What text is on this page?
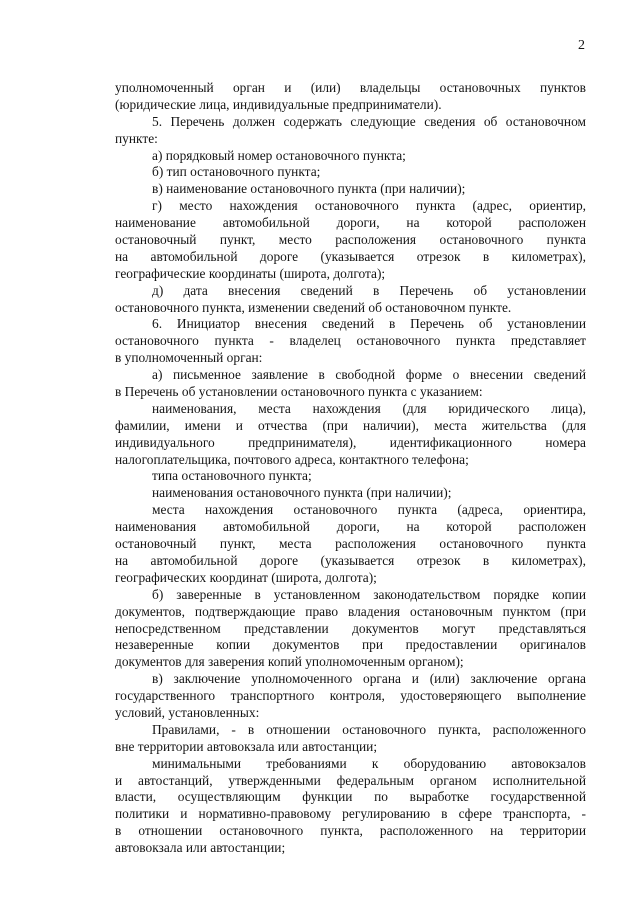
2
уполномоченный орган и (или) владельцы остановочных пунктов
(юридические лица, индивидуальные предприниматели).
5. Перечень должен содержать следующие сведения об остановочном
пункте:
а) порядковый номер остановочного пункта;
б) тип остановочного пункта;
в) наименование остановочного пункта (при наличии);
г) место нахождения остановочного пункта (адрес, ориентир,
наименование автомобильной дороги, на которой расположен
остановочный пункт, место расположения остановочного пункта
на автомобильной дороге (указывается отрезок в километрах),
географические координаты (широта, долгота);
д) дата внесения сведений в Перечень об установлении
остановочного пункта, изменении сведений об остановочном пункте.
6. Инициатор внесения сведений в Перечень об установлении
остановочного пункта - владелец остановочного пункта представляет
в уполномоченный орган:
а) письменное заявление в свободной форме о внесении сведений
в Перечень об установлении остановочного пункта с указанием:
наименования, места нахождения (для юридического лица),
фамилии, имени и отчества (при наличии), места жительства (для
индивидуального предпринимателя), идентификационного номера
налогоплательщика, почтового адреса, контактного телефона;
типа остановочного пункта;
наименования остановочного пункта (при наличии);
места нахождения остановочного пункта (адреса, ориентира,
наименования автомобильной дороги, на которой расположен
остановочный пункт, места расположения остановочного пункта
на автомобильной дороге (указывается отрезок в километрах),
географических координат (широта, долгота);
б) заверенные в установленном законодательством порядке копии
документов, подтверждающие право владения остановочным пунктом (при
непосредственном представлении документов могут представляться
незаверенные копии документов при предоставлении оригиналов
документов для заверения копий уполномоченным органом);
в) заключение уполномоченного органа и (или) заключение органа
государственного транспортного контроля, удостоверяющего выполнение
условий, установленных:
Правилами, - в отношении остановочного пункта, расположенного
вне территории автовокзала или автостанции;
минимальными требованиями к оборудованию автовокзалов
и автостанций, утвержденными федеральным органом исполнительной
власти, осуществляющим функции по выработке государственной
политики и нормативно-правовому регулированию в сфере транспорта, -
в отношении остановочного пункта, расположенного на территории
автовокзала или автостанции;
